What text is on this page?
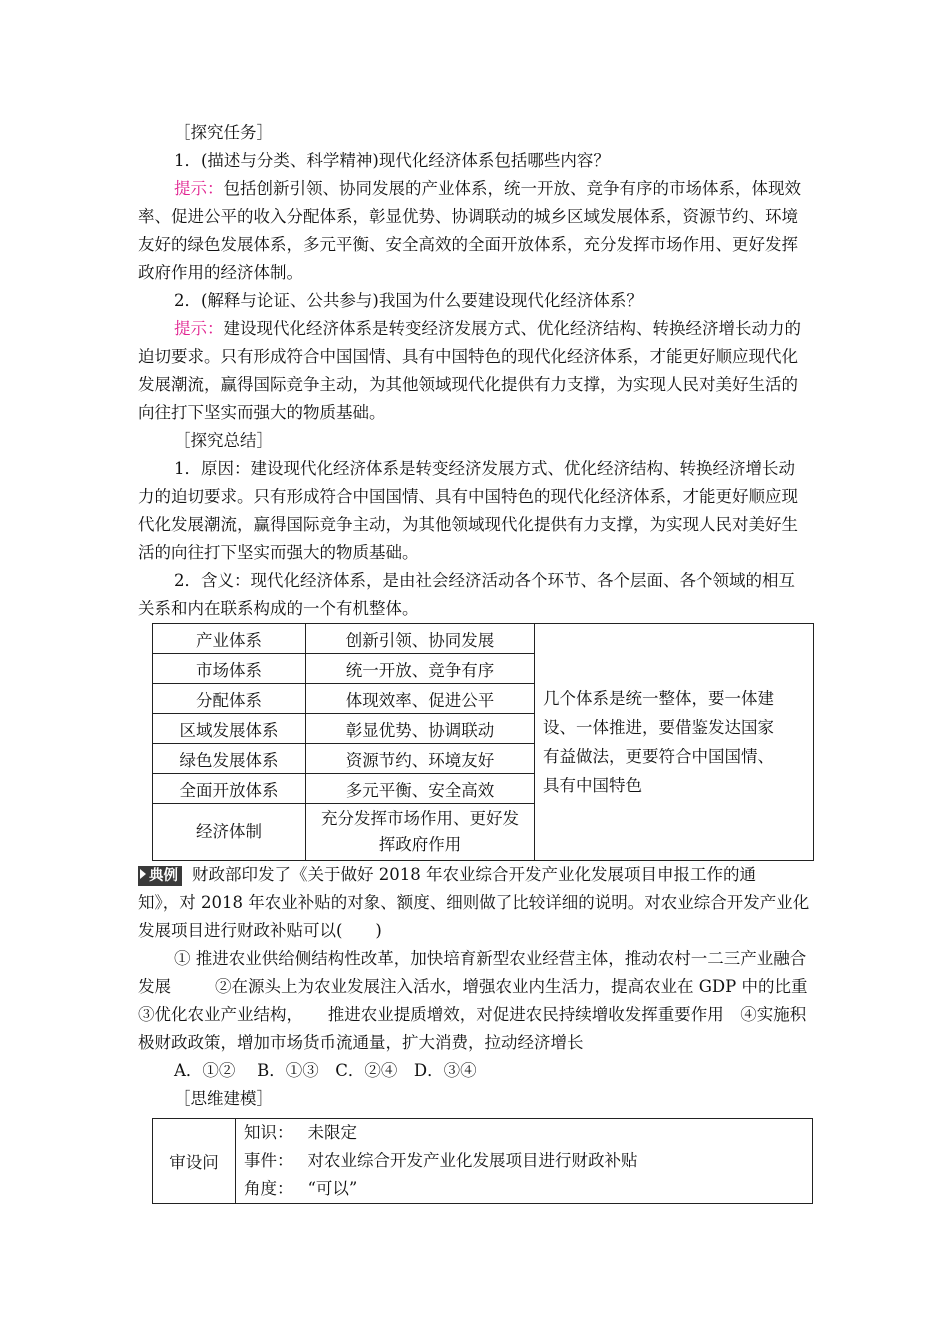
［探究任务］
1．(描述与分类、科学精神)现代化经济体系包括哪些内容？
提示：包括创新引领、协同发展的产业体系，统一开放、竞争有序的市场体系，体现效
率、促进公平的收入分配体系，彰显优势、协调联动的城乡区域发展体系，资源节约、环境
友好的绿色发展体系，多元平衡、安全高效的全面开放体系，充分发挥市场作用、更好发挥
政府作用的经济体制。
2．(解释与论证、公共参与)我国为什么要建设现代化经济体系？
提示：建设现代化经济体系是转变经济发展方式、优化经济结构、转换经济增长动力的
迫切要求。只有形成符合中国国情、具有中国特色的现代化经济体系，才能更好顺应现代化
发展潮流，赢得国际竞争主动，为其他领域现代化提供有力支撑，为实现人民对美好生活的
向往打下坚实而强大的物质基础。
［探究总结］
1．原因：建设现代化经济体系是转变经济发展方式、优化经济结构、转换经济增长动
力的迫切要求。只有形成符合中国国情、具有中国特色的现代化经济体系，才能更好顺应现
代化发展潮流，赢得国际竞争主动，为其他领域现代化提供有力支撑，为实现人民对美好生
活的向往打下坚实而强大的物质基础。
2．含义：现代化经济体系，是由社会经济活动各个环节、各个层面、各个领域的相互
关系和内在联系构成的一个有机整体。
产业体系	创新引领、协同发展	几个体系是统一整体，要一体建
设、一体推进，要借鉴发达国家
有益做法，更要符合中国国情、
具有中国特色

市场体系	统一开放、竞争有序	
分配体系	体现效率、促进公平	
区域发展体系	彰显优势、协调联动	
绿色发展体系	资源节约、环境友好	
全面开放体系	多元平衡、安全高效	
经济体制	充分发挥市场作用、更好发
挥政府作用	
典例 财政部印发了《关于做好 2018 年农业综合开发产业化发展项目申报工作的通
知》，对 2018 年农业补贴的对象、额度、细则做了比较详细的说明。对农业综合开发产业化
发展项目进行财政补贴可以(　　)
① 推进农业供给侧结构性改革，加快培育新型农业经营主体，推动农村一二三产业融合
发展	②在源头上为农业发展注入活水，增强农业内生活力，提高农业在 GDP 中的比重
③优化农业产业结构，　　推进农业提质增效，对促进农民持续增收发挥重要作用　④实施积
极财政政策，增加市场货币流通量，扩大消费，拉动经济增长
A．①②　 B．①③　C．②④　D．③④
［思维建模］
审设问	
知识： 未限定
事件： 对农业综合开发产业化发展项目进行财政补贴
角度： “可以”
